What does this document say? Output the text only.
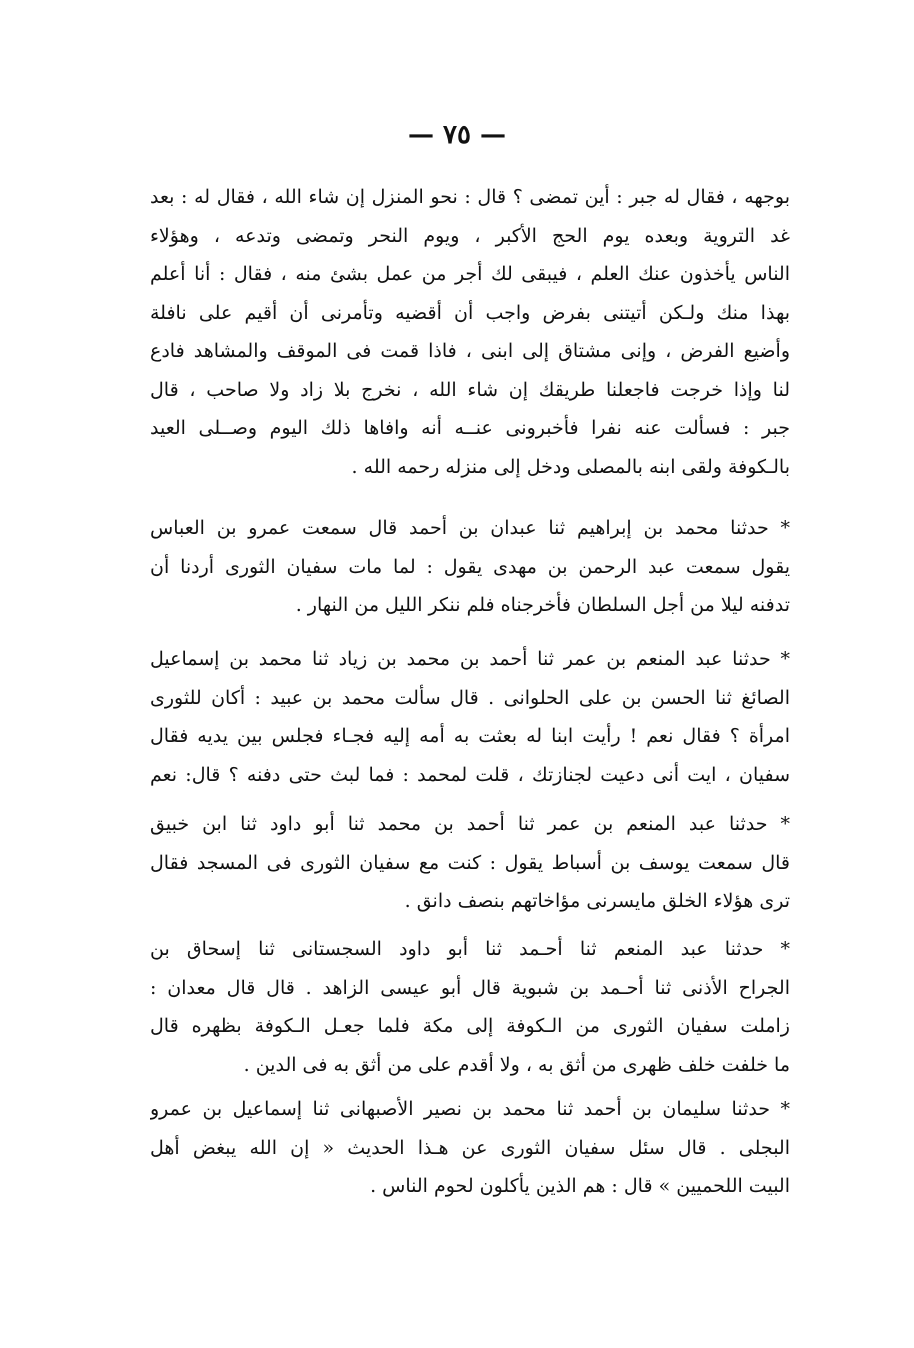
— ٧٥ —
بوجهه ، فقال له جبر : أين تمضى ؟ قال : نحو المنزل إن شاء الله ، فقال له : بعد
غد التروية وبعده يوم الحج الأكبر ، ويوم النحر وتمضى وتدعه ، وهؤلاء
الناس يأخذون عنك العلم ، فيبقى لك أجر من عمل بشئ منه ، فقال : أنا أعلم
بهذا منك ولـكن أتيتنى بفرض واجب أن أقضيه وتأمرنى أن أقيم على نافلة
وأضيع الفرض ، وإنى مشتاق إلى ابنى ، فاذا قمت فى الموقف والمشاهد فادع
لنا وإذا خرجت فاجعلنا طريقك إن شاء الله ، نخرج بلا زاد ولا صاحب ، قال
جبر : فسألت عنه نفرا فأخبرونى عنــه أنه وافاها ذلك اليوم وصــلى العيد
بالـكوفة ولقى ابنه بالمصلى ودخل إلى منزله رحمه الله .
* حدثنا محمد بن إبراهيم ثنا عبدان بن أحمد قال سمعت عمرو بن العباس
يقول سمعت عبد الرحمن بن مهدى يقول : لما مات سفيان الثورى أردنا أن
تدفنه ليلا من أجل السلطان فأخرجناه فلم ننكر الليل من النهار .
* حدثنا عبد المنعم بن عمر ثنا أحمد بن محمد بن زياد ثنا محمد بن إسماعيل
الصائغ ثنا الحسن بن على الحلوانى . قال سألت محمد بن عبيد : أكان للثورى
امرأة ؟ فقال نعم ! رأيت ابنا له بعثت به أمه إليه فجـاء فجلس بين يديه فقال
سفيان ، ايت أنى دعيت لجنازتك ، قلت لمحمد : فما لبث حتى دفنه ؟ قال: نعم
* حدثنا عبد المنعم بن عمر ثنا أحمد بن محمد ثنا أبو داود ثنا ابن خبيق
قال سمعت يوسف بن أسباط يقول : كنت مع سفيان الثورى فى المسجد فقال
ترى هؤلاء الخلق مايسرنى مؤاخاتهم بنصف دانق .
* حدثنا عبد المنعم ثنا أحـمد ثنا أبو داود السجستانى ثنا إسحاق بن
الجراح الأذنى ثنا أحـمد بن شبوية قال أبو عيسى الزاهد . قال قال معدان :
زاملت سفيان الثورى من الـكوفة إلى مكة فلما جعـل الـكوفة بظهره قال
ما خلفت خلف ظهرى من أثق به ، ولا أقدم على من أثق به فى الدين .
* حدثنا سليمان بن أحمد ثنا محمد بن نصير الأصبهانى ثنا إسماعيل بن عمرو
البجلى . قال سئل سفيان الثورى عن هـذا الحديث « إن الله يبغض أهل
البيت اللحميين » قال : هم الذين يأكلون لحوم الناس .
